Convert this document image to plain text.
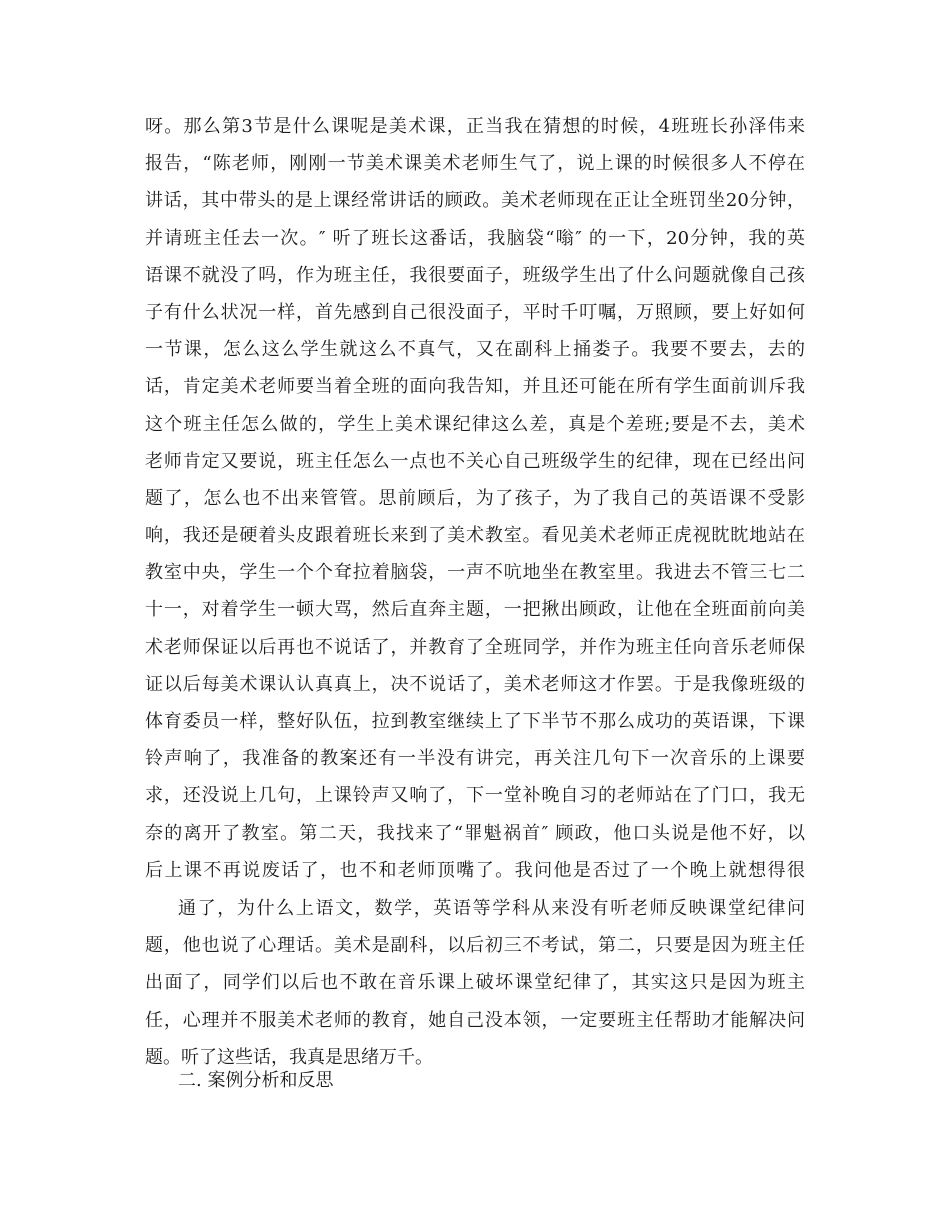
呀。那么第3节是什么课呢是美术课，正当我在猜想的时候，4班班长孙泽伟来
报告，“陈老师，刚刚一节美术课美术老师生气了，说上课的时候很多人不停在
讲话，其中带头的是上课经常讲话的顾政。美术老师现在正让全班罚坐20分钟，
并请班主任去一次。″ 听了班长这番话，我脑袋“嗡″ 的一下，20分钟，我的英
语课不就没了吗，作为班主任，我很要面子，班级学生出了什么问题就像自己孩
子有什么状况一样，首先感到自己很没面子，平时千叮嘱，万照顾，要上好如何
一节课，怎么这么学生就这么不真气，又在副科上捅娄子。我要不要去，去的
话，肯定美术老师要当着全班的面向我告知，并且还可能在所有学生面前训斥我
这个班主任怎么做的，学生上美术课纪律这么差，真是个差班;要是不去，美术
老师肯定又要说，班主任怎么一点也不关心自己班级学生的纪律，现在已经出问
题了，怎么也不出来管管。思前顾后，为了孩子，为了我自己的英语课不受影
响，我还是硬着头皮跟着班长来到了美术教室。看见美术老师正虎视眈眈地站在
教室中央，学生一个个耷拉着脑袋，一声不吭地坐在教室里。我进去不管三七二
十一，对着学生一顿大骂，然后直奔主题，一把揪出顾政，让他在全班面前向美
术老师保证以后再也不说话了，并教育了全班同学，并作为班主任向音乐老师保
证以后每美术课认认真真上，决不说话了，美术老师这才作罢。于是我像班级的
体育委员一样，整好队伍，拉到教室继续上了下半节不那么成功的英语课，下课
铃声响了，我准备的教案还有一半没有讲完，再关注几句下一次音乐的上课要
求，还没说上几句，上课铃声又响了，下一堂补晚自习的老师站在了门口，我无
奈的离开了教室。第二天，我找来了“罪魁祸首″ 顾政，他口头说是他不好，以
后上课不再说废话了，也不和老师顶嘴了。我问他是否过了一个晚上就想得很
通了，为什么上语文，数学，英语等学科从来没有听老师反映课堂纪律问
题，他也说了心理话。美术是副科，以后初三不考试，第二，只要是因为班主任
出面了，同学们以后也不敢在音乐课上破坏课堂纪律了，其实这只是因为班主
任，心理并不服美术老师的教育，她自己没本领，一定要班主任帮助才能解决问
题。听了这些话，我真是思绪万千。
二. 案例分析和反思
